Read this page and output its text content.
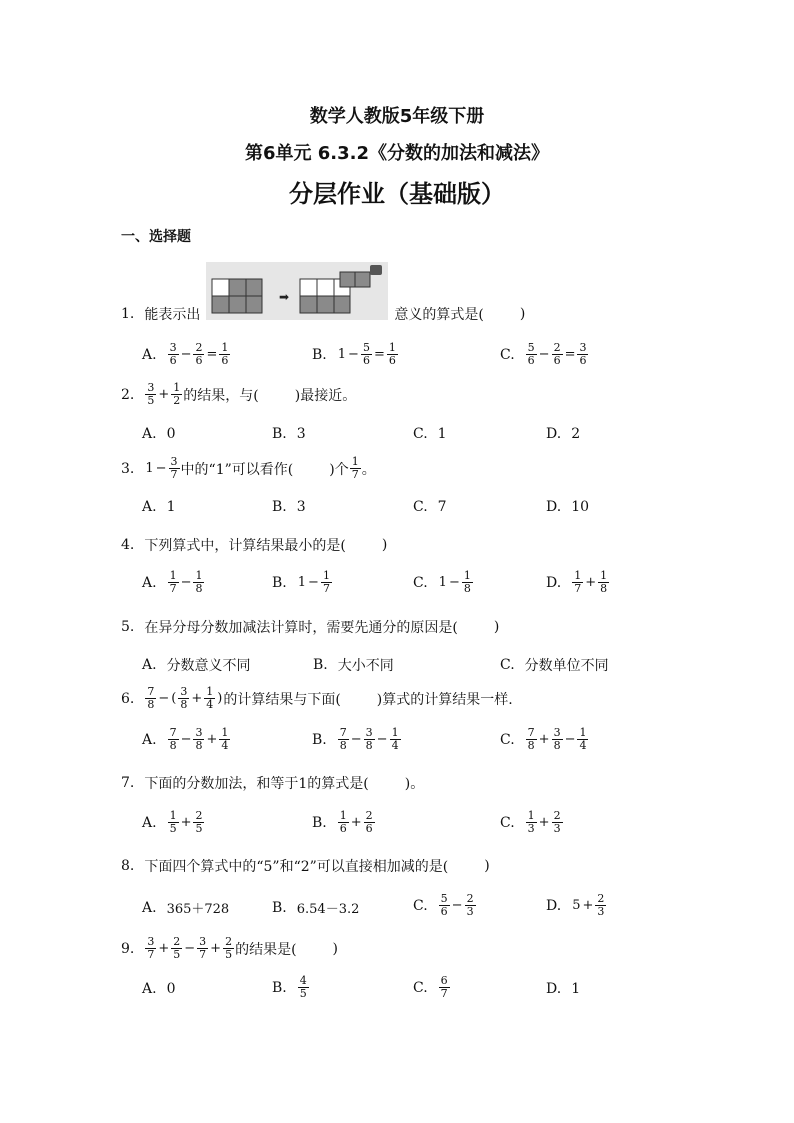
数学人教版5年级下册
第6单元 6.3.2《分数的加法和减法》
分层作业（基础版）
一、选择题
1. 能表示出
➡
意义的算式是(	)
A. $\frac{3}{6} - \frac{2}{6} = \frac{1}{6}$	B. $1 - \frac{5}{6} = \frac{1}{6}$	C. $\frac{5}{6} - \frac{2}{6} = \frac{3}{6}$
2. $\frac{3}{5} + \frac{1}{2}$ 的结果，与(	)最接近。
A. 0	B. 3	C. 1	D. 2
3. $1 - \frac{3}{7}$ 中的“1”可以看作(	)个 $\frac{1}{7}$ 。
A. 1	B. 3	C. 7	D. 10
4. 下列算式中，计算结果最小的是(	)
A. $\frac{1}{7} - \frac{1}{8}$	B. $1 - \frac{1}{7}$	C. $1 - \frac{1}{8}$	D. $\frac{1}{7} + \frac{1}{8}$
5. 在异分母分数加减法计算时，需要先通分的原因是(	)
A. 分数意义不同	B. 大小不同	C. 分数单位不同
6. $\frac{7}{8}$ − ( $\frac{3}{8} + \frac{1}{4}$ ) 的计算结果与下面(	)算式的计算结果一样.
A. $\frac{7}{8} - \frac{3}{8} + \frac{1}{4}$	B. $\frac{7}{8} - \frac{3}{8} - \frac{1}{4}$	C. $\frac{7}{8} + \frac{3}{8} - \frac{1}{4}$
7. 下面的分数加法，和等于1的算式是(	)。
A. $\frac{1}{5} + \frac{2}{5}$	B. $\frac{1}{6} + \frac{2}{6}$	C. $\frac{1}{3} + \frac{2}{3}$
8. 下面四个算式中的“5”和“2”可以直接相加减的是(	)
A. 365＋728	B. 6.54－3.2	C. $\frac{5}{6} - \frac{2}{3}$	D. $5 + \frac{2}{3}$
9. $\frac{3}{7} + \frac{2}{5} - \frac{3}{7} + \frac{2}{5}$ 的结果是(	)
A. 0	B. $\frac{4}{5}$	C. $\frac{6}{7}$	D. 1
